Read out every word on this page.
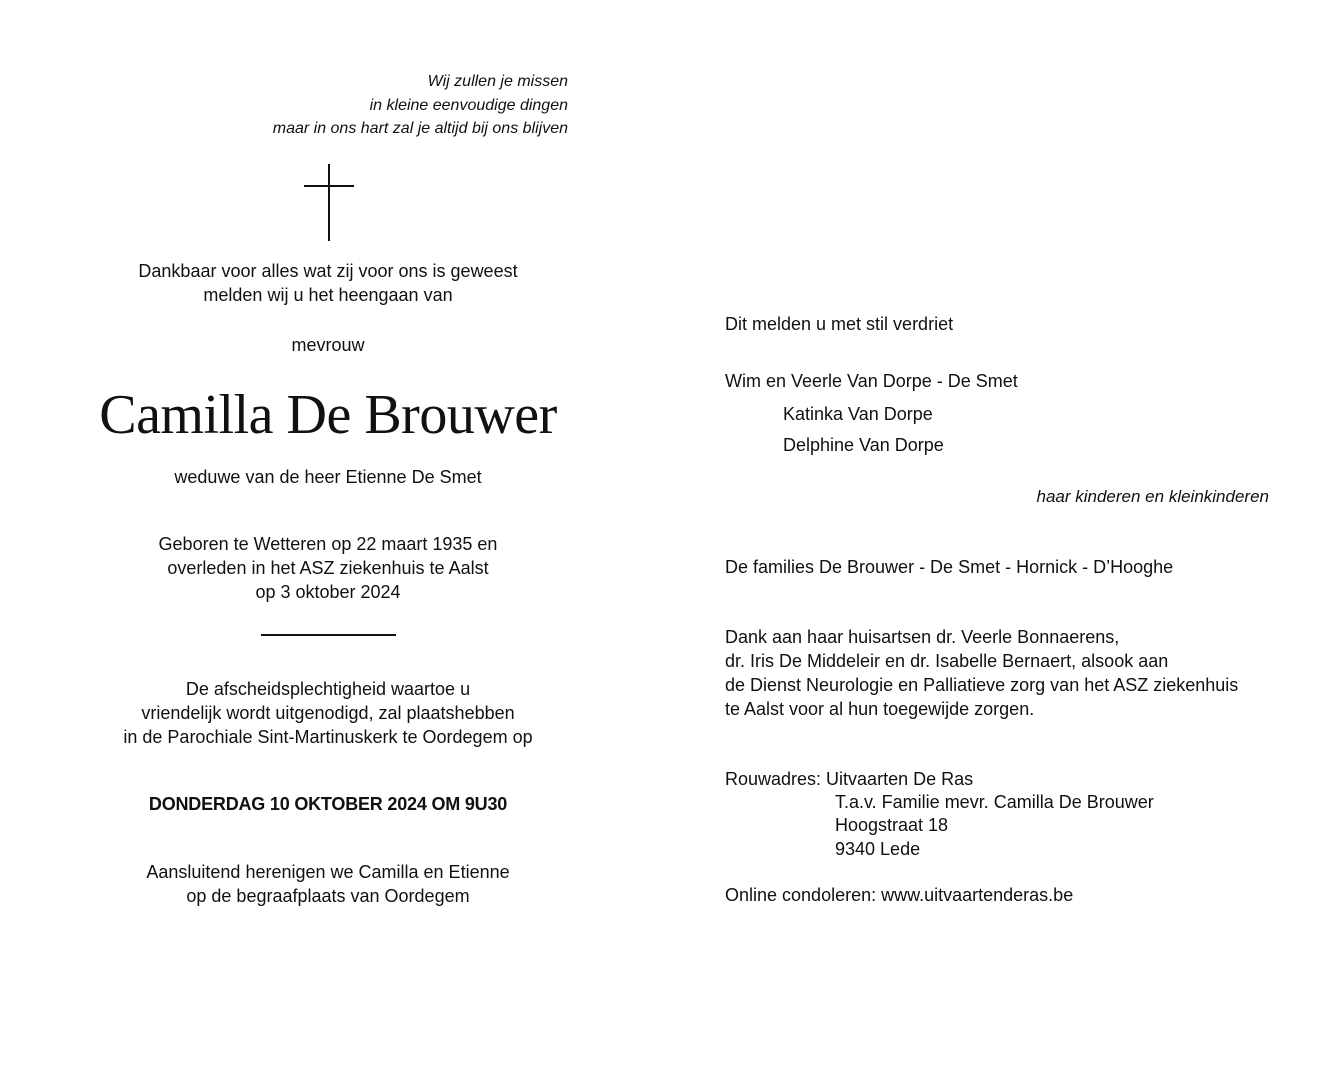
Wij zullen je missen
in kleine eenvoudige dingen
maar in ons hart zal je altijd bij ons blijven
Dankbaar voor alles wat zij voor ons is geweest
melden wij u het heengaan van
mevrouw
Camilla De Brouwer
weduwe van de heer Etienne De Smet
Geboren te Wetteren op 22 maart 1935 en
overleden in het ASZ ziekenhuis te Aalst
op 3 oktober 2024
De afscheidsplechtigheid waartoe u
vriendelijk wordt uitgenodigd, zal plaatshebben
in de Parochiale Sint-Martinuskerk te Oordegem op
DONDERDAG 10 OKTOBER 2024 OM 9U30
Aansluitend herenigen we Camilla en Etienne
op de begraafplaats van Oordegem
Dit melden u met stil verdriet
Wim en Veerle Van Dorpe - De Smet
Katinka Van Dorpe
Delphine Van Dorpe
haar kinderen en kleinkinderen
De families De Brouwer - De Smet - Hornick - D’Hooghe
Dank aan haar huisartsen dr. Veerle Bonnaerens,
dr. Iris De Middeleir en dr. Isabelle Bernaert, alsook aan
de Dienst Neurologie en Palliatieve zorg van het ASZ ziekenhuis
te Aalst voor al hun toegewijde zorgen.
Rouwadres: Uitvaarten De Ras
T.a.v. Familie mevr. Camilla De Brouwer
Hoogstraat 18
9340 Lede
Online condoleren: www.uitvaartenderas.be
